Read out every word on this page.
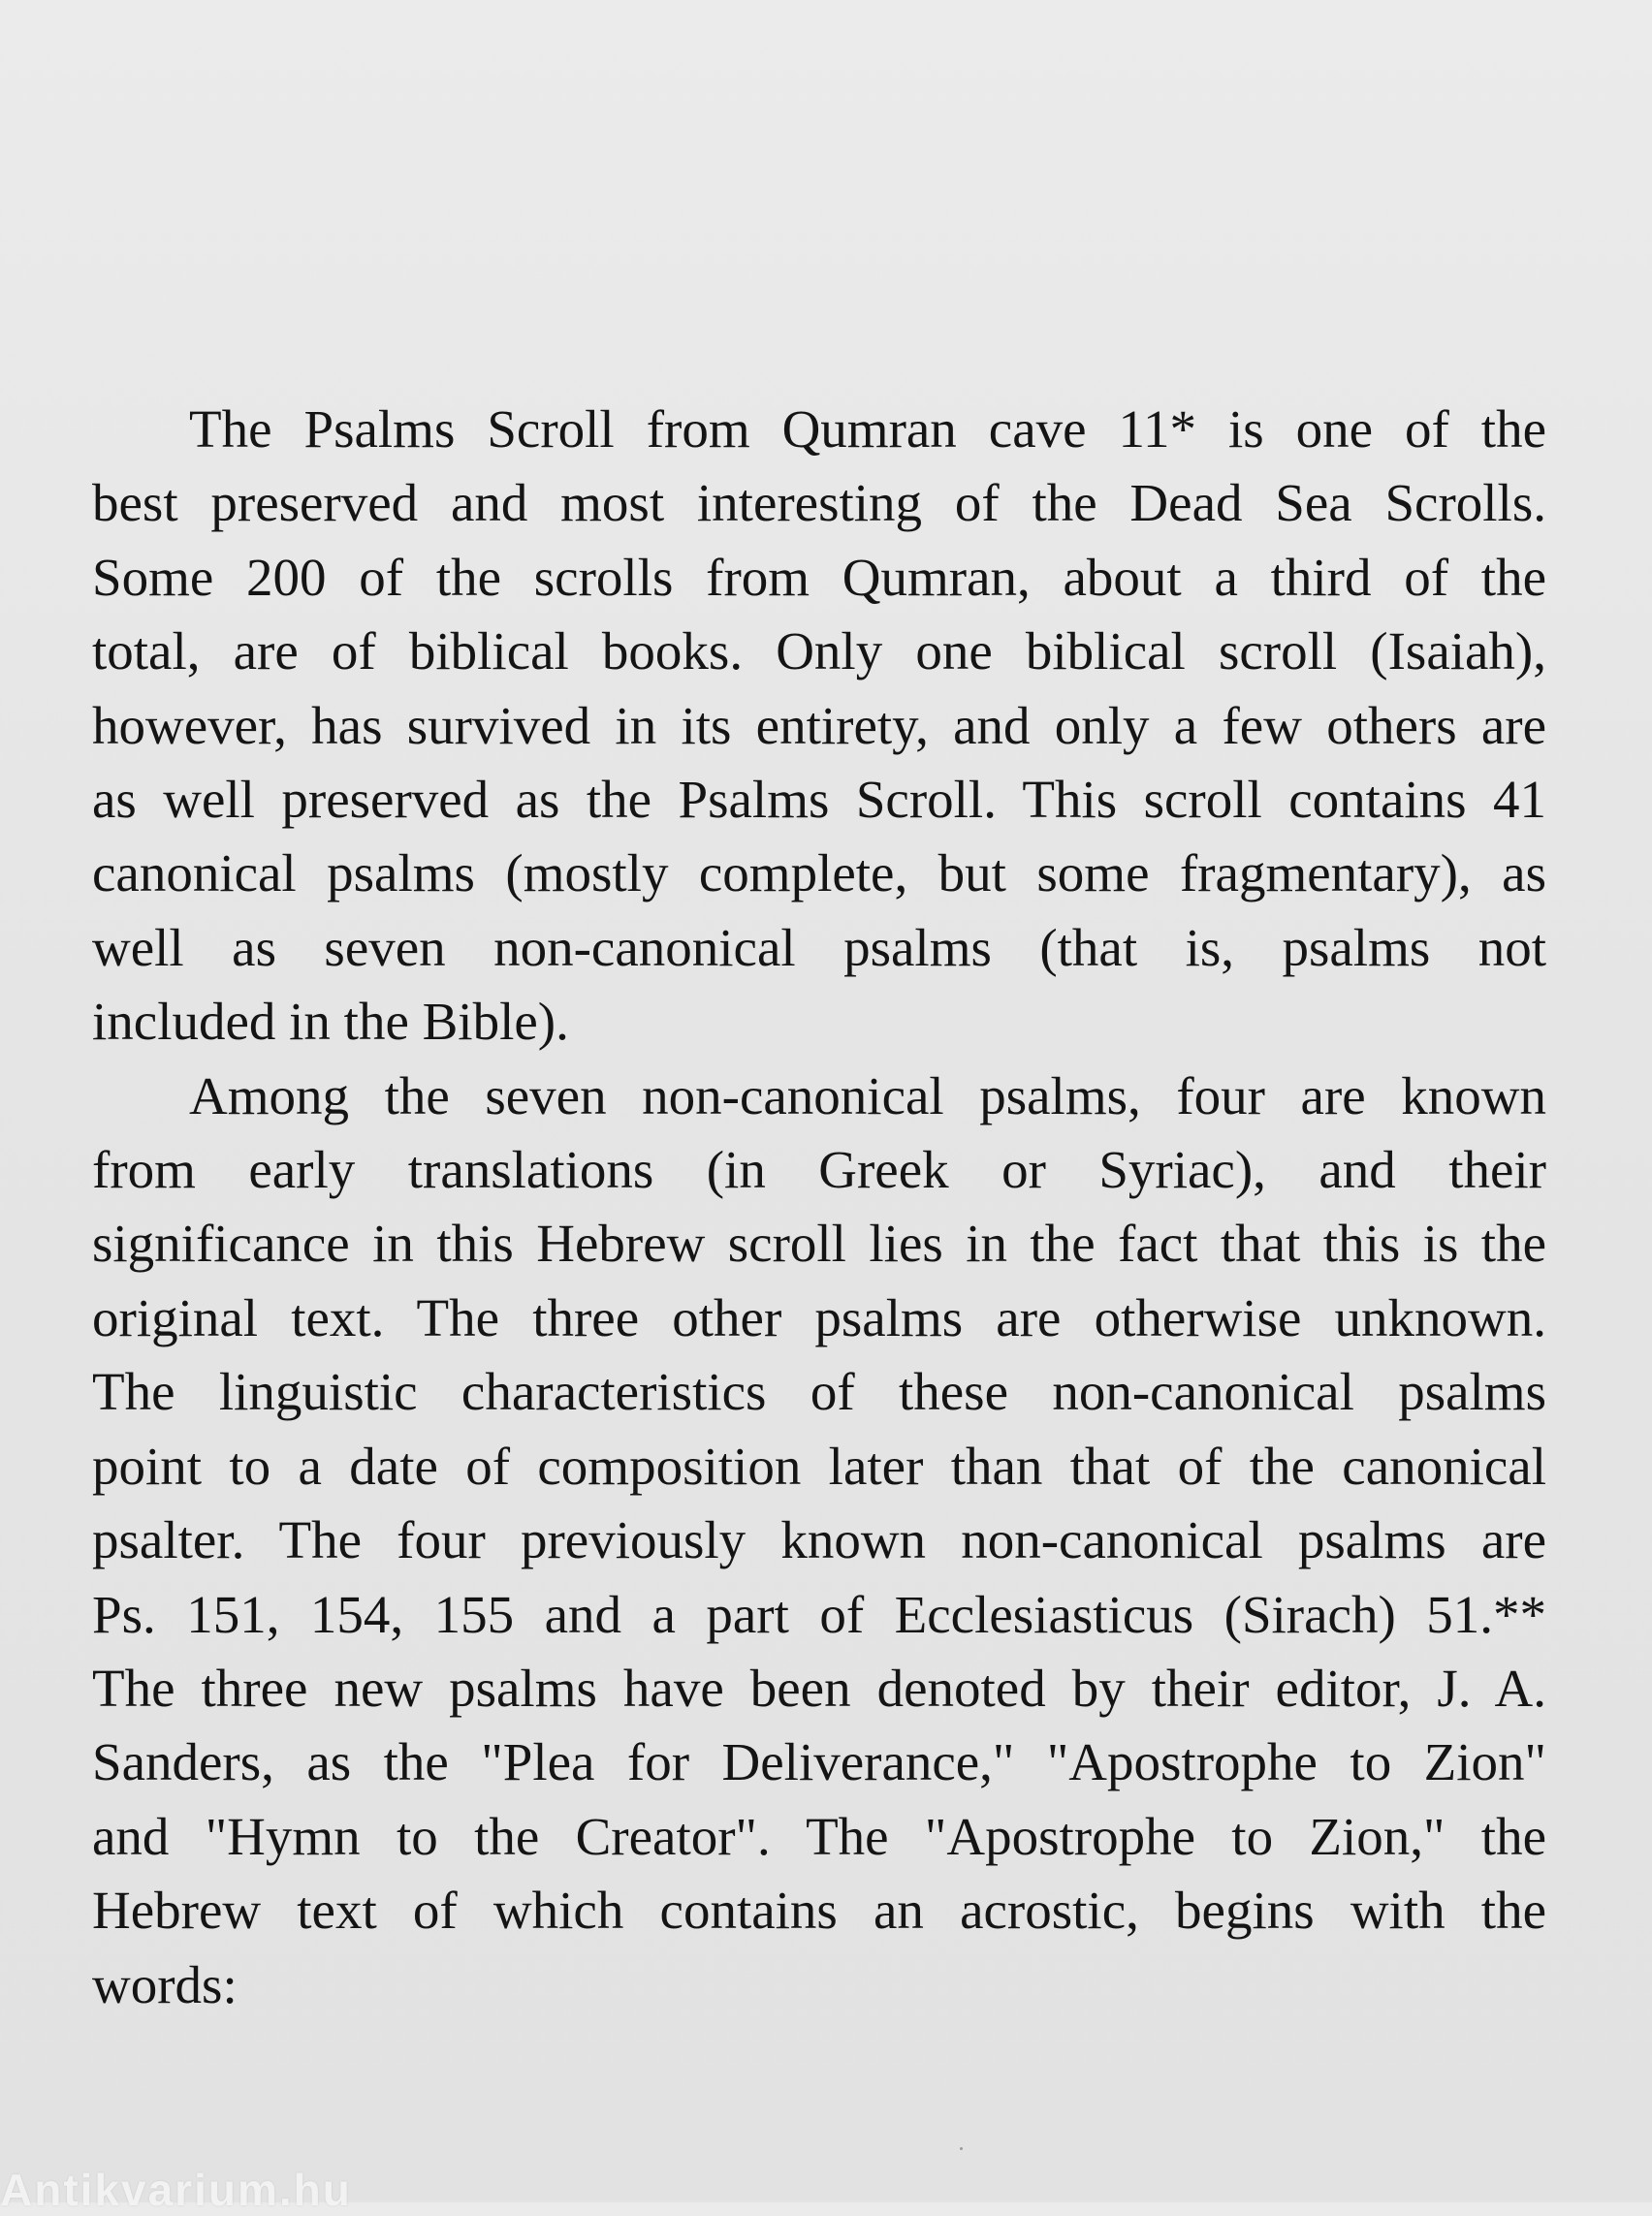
The Psalms Scroll from Qumran cave 11* is one of the
best preserved and most interesting of the Dead Sea Scrolls.
Some 200 of the scrolls from Qumran, about a third of the
total, are of biblical books. Only one biblical scroll (Isaiah),
however, has survived in its entirety, and only a few others are
as well preserved as the Psalms Scroll. This scroll contains 41
canonical psalms (mostly complete, but some fragmentary), as
well as seven non-canonical psalms (that is, psalms not
included in the Bible).
Among the seven non-canonical psalms, four are known
from early translations (in Greek or Syriac), and their
significance in this Hebrew scroll lies in the fact that this is the
original text. The three other psalms are otherwise unknown.
The linguistic characteristics of these non-canonical psalms
point to a date of composition later than that of the canonical
psalter. The four previously known non-canonical psalms are
Ps. 151, 154, 155 and a part of Ecclesiasticus (Sirach) 51.**
The three new psalms have been denoted by their editor, J. A.
Sanders, as the "Plea for Deliverance," "Apostrophe to Zion"
and "Hymn to the Creator". The "Apostrophe to Zion," the
Hebrew text of which contains an acrostic, begins with the
words:
Antikvarium.hu
